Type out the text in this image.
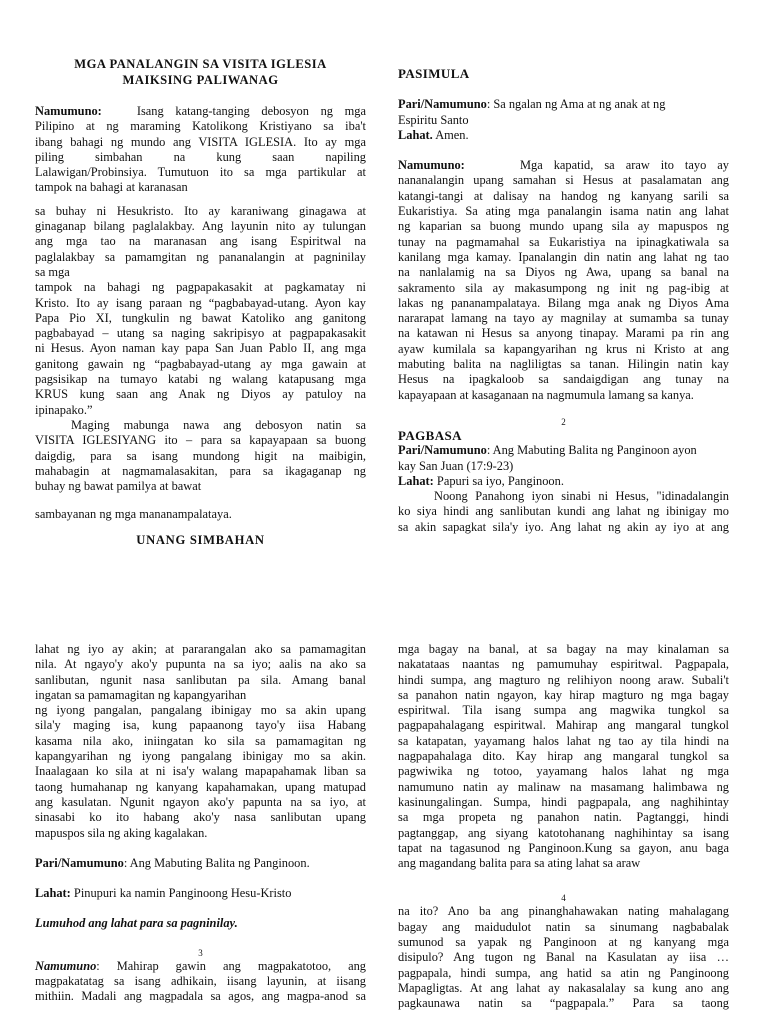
MGA PANALANGIN SA VISITA IGLESIA
MAIKSING PALIWANAG

Namumuno:	Isang katang-tanging debosyon ng mga

Pilipino at ng maraming Katolikong Kristiyano sa iba't

ibang bahagi ng mundo ang VISITA IGLESIA. Ito ay mga

piling simbahan na kung saan napiling

Lalawigan/Probinsiya. Tumutuon ito sa mga partikular at

tampok na bahagi at karanasan

sa buhay ni Hesukristo. Ito ay karaniwang ginagawa at

ginaganap bilang paglalakbay. Ang layunin nito ay tulungan

ang mga tao na maranasan ang isang Espiritwal na

paglalakbay sa pamamgitan ng pananalangin at pagninilay

sa mga

tampok na bahagi ng pagpapakasakit at pagkamatay ni

Kristo. Ito ay isang paraan ng “pagbabayad-utang. Ayon kay

Papa Pio XI, tungkulin ng bawat Katoliko ang ganitong

pagbabayad – utang sa naging sakripisyo at pagpapakasakit

ni Hesus. Ayon naman kay papa San Juan Pablo II, ang mga

ganitong gawain ng “pagbabayad-utang ay mga gawain at

pagsisikap na tumayo katabi ng walang katapusang mga

KRUS kung saan ang Anak ng Diyos ay patuloy na

ipinapako.”

Maging mabunga nawa ang debosyon natin sa

VISITA IGLESIYANG ito – para sa kapayapaan sa buong

daigdig, para sa isang mundong higit na maibigin,

mahabagin at nagmamalasakitan, para sa ikagaganap ng

buhay ng bawat pamilya at bawat

sambayanan ng mga mananampalataya.

UNANG SIMBAHAN
PASIMULA

Pari/Namumuno: Sa ngalan ng Ama at ng anak at ng

Espiritu Santo

Lahat. Amen.

Namumuno:	Mga kapatid, sa araw ito tayo ay

nananalangin upang samahan si Hesus at pasalamatan ang

katangi-tangi at dalisay na handog ng kanyang sarili sa

Eukaristiya. Sa ating mga panalangin isama natin ang lahat

ng kaparian sa buong mundo upang sila ay mapuspos ng

tunay na pagmamahal sa Eukaristiya na ipinagkatiwala sa

kanilang mga kamay. Ipanalangin din natin ang lahat ng tao

na nanlalamig na sa Diyos ng Awa, upang sa banal na

sakramento sila ay makasumpong ng init ng pag-ibig at

lakas ng pananampalataya. Bilang mga anak ng Diyos Ama

nararapat lamang na tayo ay magnilay at sumamba sa tunay

na katawan ni Hesus sa anyong tinapay. Marami pa rin ang

ayaw kumilala sa kapangyarihan ng krus ni Kristo at ang

mabuting balita na nagliligtas sa tanan. Hilingin natin kay

Hesus na ipagkaloob sa sandaigdigan ang tunay na

kapayapaan at kasaganaan na nagmumula lamang sa kanya.

2
PAGBASA

Pari/Namumuno: Ang Mabuting Balita ng Panginoon ayon

kay San Juan (17:9-23)

Lahat: Papuri sa iyo, Panginoon.

Noong Panahong iyon sinabi ni Hesus, "idinadalangin

ko siya hindi ang sanlibutan kundi ang lahat ng ibinigay mo

sa akin sapagkat sila'y iyo. Ang lahat ng akin ay iyo at ang

lahat ng iyo ay akin; at pararangalan ako sa pamamagitan

nila. At ngayo'y ako'y pupunta na sa iyo; aalis na ako sa

sanlibutan, ngunit nasa sanlibutan pa sila. Amang banal

ingatan sa pamamagitan ng kapangyarihan

ng iyong pangalan, pangalang ibinigay mo sa akin upang

sila'y maging isa, kung papaanong tayo'y iisa Habang

kasama nila ako, iniingatan ko sila sa pamamagitan ng

kapangyarihan ng iyong pangalang ibinigay mo sa akin.

Inaalagaan ko sila at ni isa'y walang mapapahamak liban sa

taong humahanap ng kanyang kapahamakan, upang matupad

ang kasulatan. Ngunit ngayon ako'y papunta na sa iyo, at

sinasabi ko ito habang ako'y nasa sanlibutan upang

mapuspos sila ng aking kagalakan.

Pari/Namumuno: Ang Mabuting Balita ng Panginoon.

Lahat: Pinupuri ka namin Panginoong Hesu-Kristo

Lumuhod ang lahat para sa pagninilay.

3

Namumuno: Mahirap gawin ang magpakatotoo, ang

magpakatatag sa isang adhikain, iisang layunin, at iisang

mithiin. Madali ang magpadala sa agos, ang magpa-anod sa

mga bagay na banal, at sa bagay na may kinalaman sa

nakatataas naantas ng pamumuhay espiritwal. Pagpapala,

hindi sumpa, ang magturo ng relihiyon noong araw. Subali't

sa panahon natin ngayon, kay hirap magturo ng mga bagay

espiritwal. Tila isang sumpa ang magwika tungkol sa

pagpapahalagang espiritwal. Mahirap ang mangaral tungkol

sa katapatan, yayamang halos lahat ng tao ay tila hindi na

nagpapahalaga dito. Kay hirap ang mangaral tungkol sa

pagwiwika ng totoo, yayamang halos lahat ng mga

namumuno natin ay malinaw na masamang halimbawa ng

kasinungalingan. Sumpa, hindi pagpapala, ang naghihintay

sa mga propeta ng panahon natin. Pagtanggi, hindi

pagtanggap, ang siyang katotohanang naghihintay sa isang

tapat na tagasunod ng Panginoon.Kung sa gayon, anu baga

ang magandang balita para sa ating lahat sa araw

4

na ito? Ano ba ang pinanghahawakan nating mahalagang

bagay ang maidudulot natin sa sinumang nagbabalak

sumunod sa yapak ng Panginoon at ng kanyang mga

disipulo? Ang tugon ng Banal na Kasulatan ay iisa …

pagpapala, hindi sumpa, ang hatid sa atin ng Panginoong

Mapagligtas. At ang lahat ay nakasalalay sa kung ano ang

pagkaunawa natin sa “pagpapala.” Para sa taong
